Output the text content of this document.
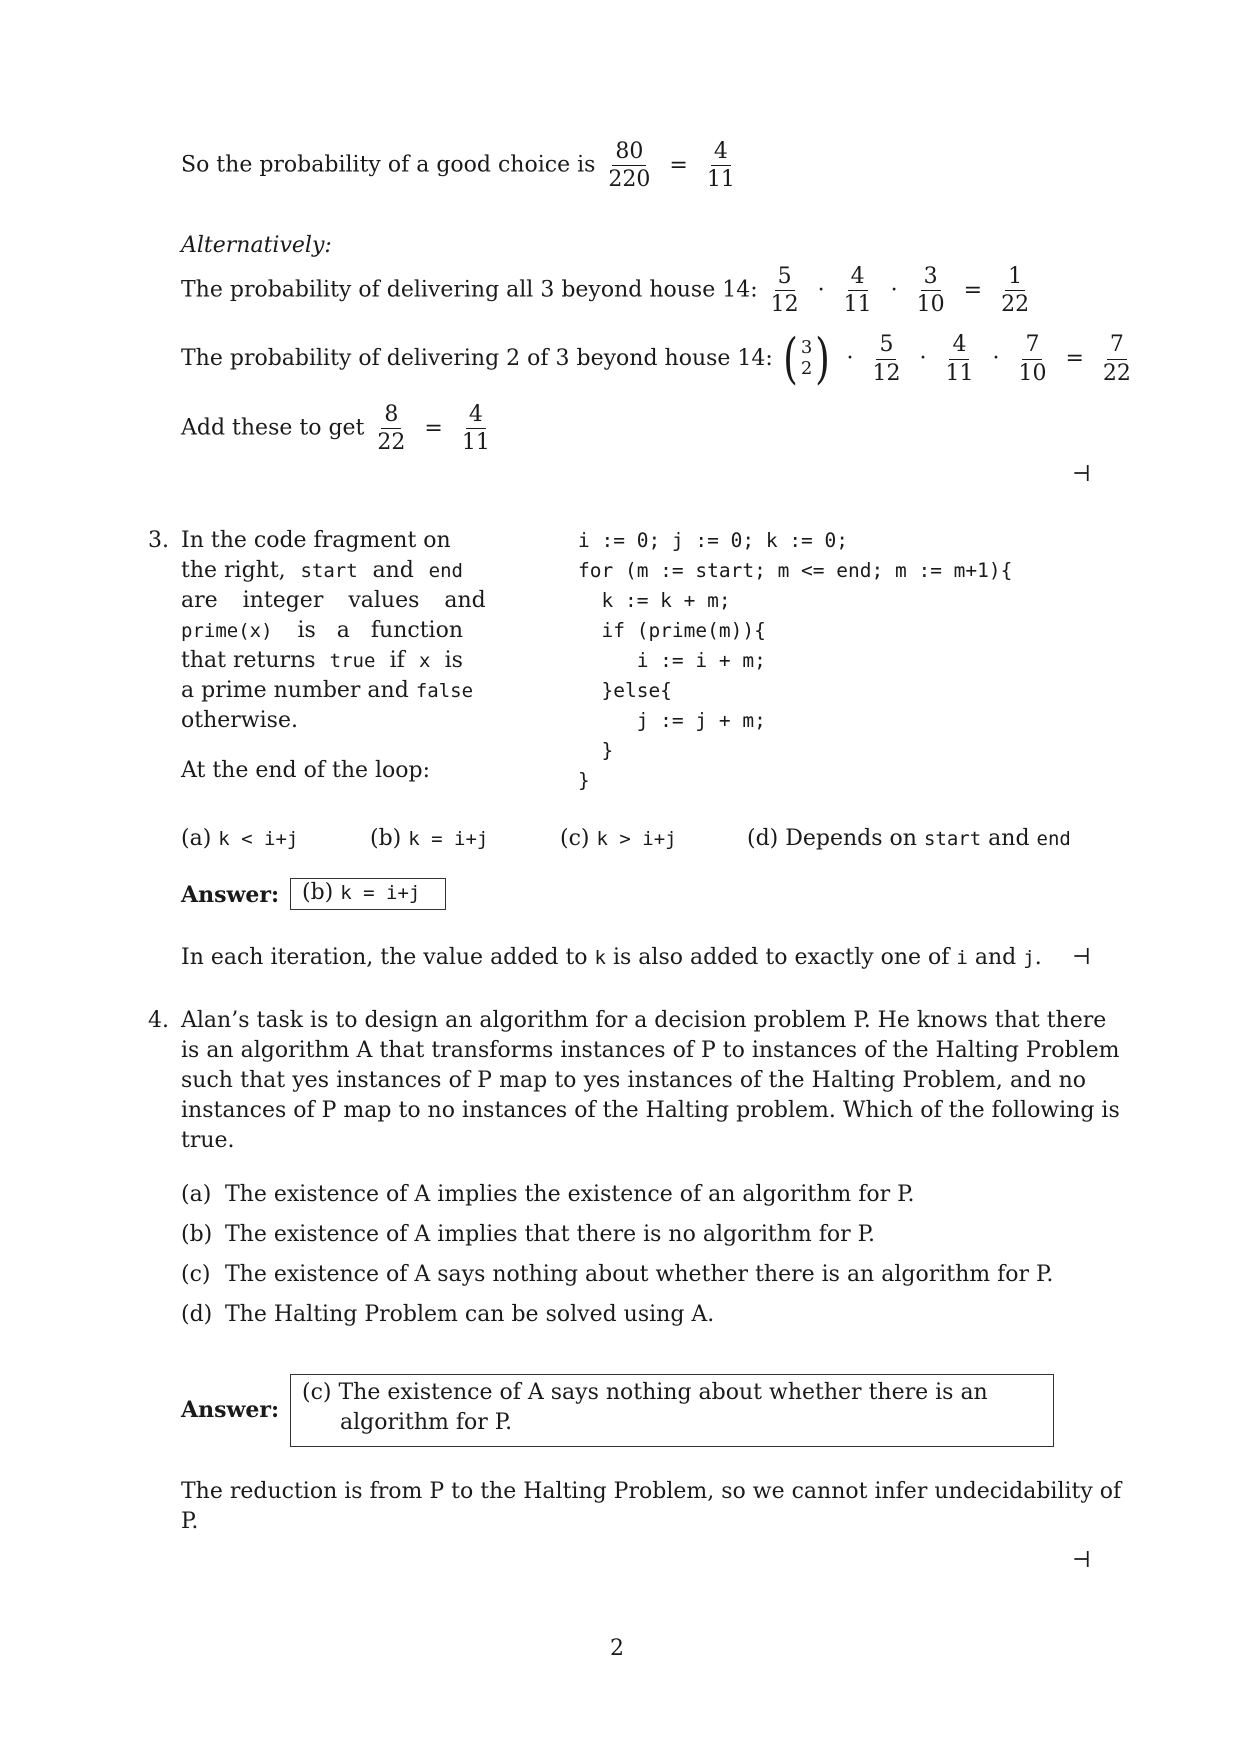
So the probability of a good choice is $\frac{80}{220} = \frac{4}{11}$
Alternatively:
The probability of delivering all 3 beyond house 14: $\frac{5}{12} \cdot \frac{4}{11} \cdot \frac{3}{10} = \frac{1}{22}$
The probability of delivering 2 of 3 beyond house 14: ( 3
2 ) · $\frac{5}{12} \cdot \frac{4}{11} \cdot \frac{7}{10} = \frac{7}{22}$
Add these to get $\frac{8}{22} = \frac{4}{11}$
⊣
3. In the code fragment on
the right, start and end
are integer values and
prime(x) is a function
that returns true if x is
a prime number and false
otherwise.
At the end of the loop:
i := 0; j := 0; k := 0;
for (m := start; m <= end; m := m+1){
k := k + m;
if (prime(m)){
i := i + m;
}else{
j := j + m;
}
}
(a) k < i+j	(b) k = i+j	(c) k > i+j	(d) Depends on start and end
Answer: (b) k = i+j
In each iteration, the value added to k is also added to exactly one of i and j. ⊣
4. Alan’s task is to design an algorithm for a decision problem P. He knows that there
is an algorithm A that transforms instances of P to instances of the Halting Problem
such that yes instances of P map to yes instances of the Halting Problem, and no
instances of P map to no instances of the Halting problem. Which of the following is
true.
(a) The existence of A implies the existence of an algorithm for P.
(b) The existence of A implies that there is no algorithm for P.
(c) The existence of A says nothing about whether there is an algorithm for P.
(d) The Halting Problem can be solved using A.
Answer:
(c) The existence of A says nothing about whether there is an
algorithm for P.
The reduction is from P to the Halting Problem, so we cannot infer undecidability of
P.
⊣
2
